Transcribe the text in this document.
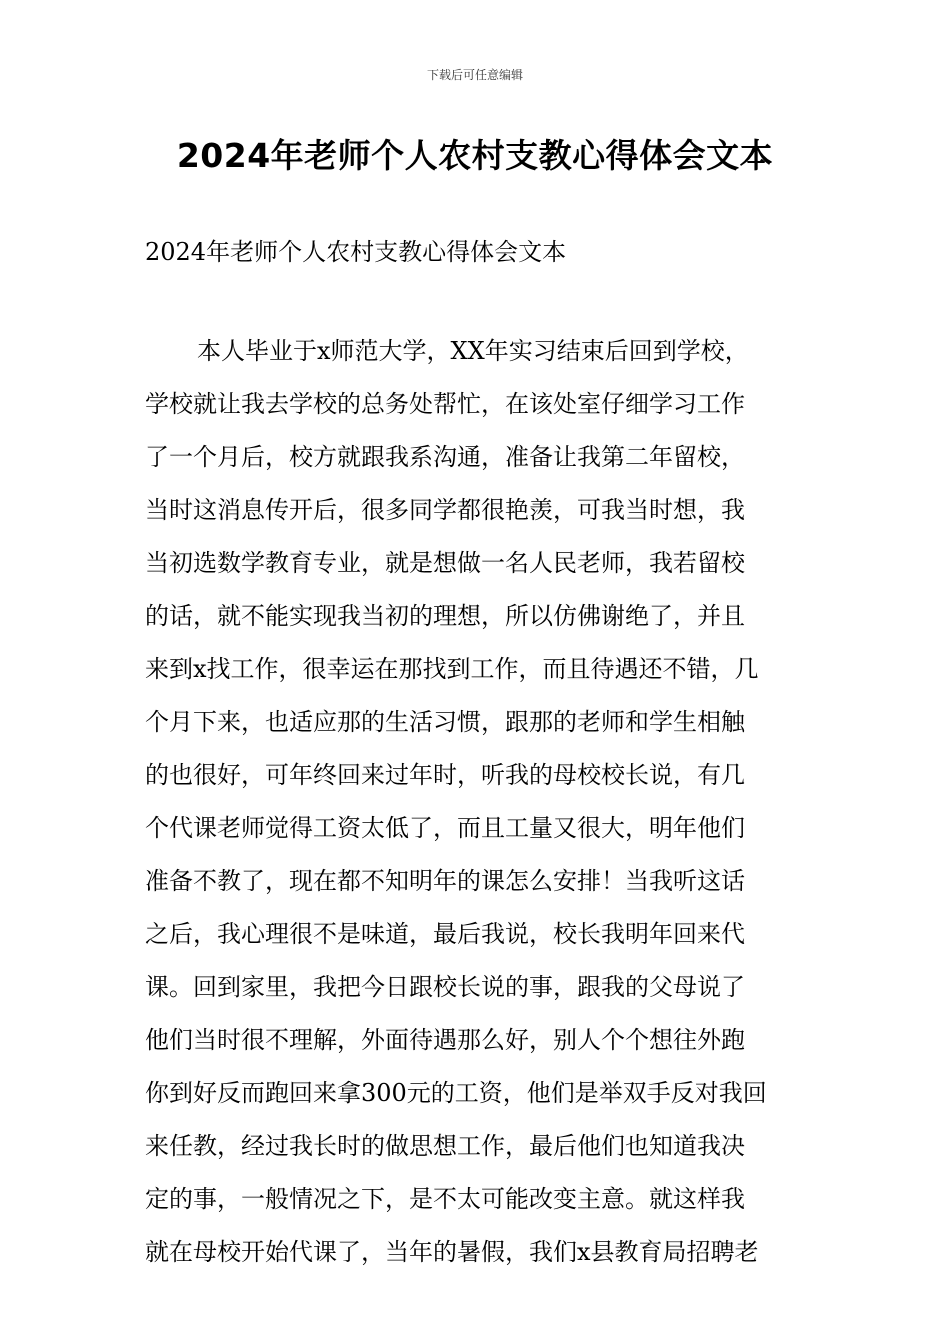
下载后可任意编辑
2024年老师个人农村支教心得体会文本
2024年老师个人农村支教心得体会文本
本人毕业于x师范大学，XX年实习结束后回到学校，
学校就让我去学校的总务处帮忙，在该处室仔细学习工作
了一个月后，校方就跟我系沟通，准备让我第二年留校，
当时这消息传开后，很多同学都很艳羡，可我当时想，我
当初选数学教育专业，就是想做一名人民老师，我若留校
的话，就不能实现我当初的理想，所以仿佛谢绝了，并且
来到x找工作，很幸运在那找到工作，而且待遇还不错，几
个月下来，也适应那的生活习惯，跟那的老师和学生相触
的也很好，可年终回来过年时，听我的母校校长说，有几
个代课老师觉得工资太低了，而且工量又很大，明年他们
准备不教了，现在都不知明年的课怎么安排！当我听这话
之后，我心理很不是味道，最后我说，校长我明年回来代
课。回到家里，我把今日跟校长说的事，跟我的父母说了
他们当时很不理解，外面待遇那么好，别人个个想往外跑
你到好反而跑回来拿300元的工资，他们是举双手反对我回
来任教，经过我长时的做思想工作，最后他们也知道我决
定的事，一般情况之下，是不太可能改变主意。就这样我
就在母校开始代课了，当年的暑假，我们x县教育局招聘老
